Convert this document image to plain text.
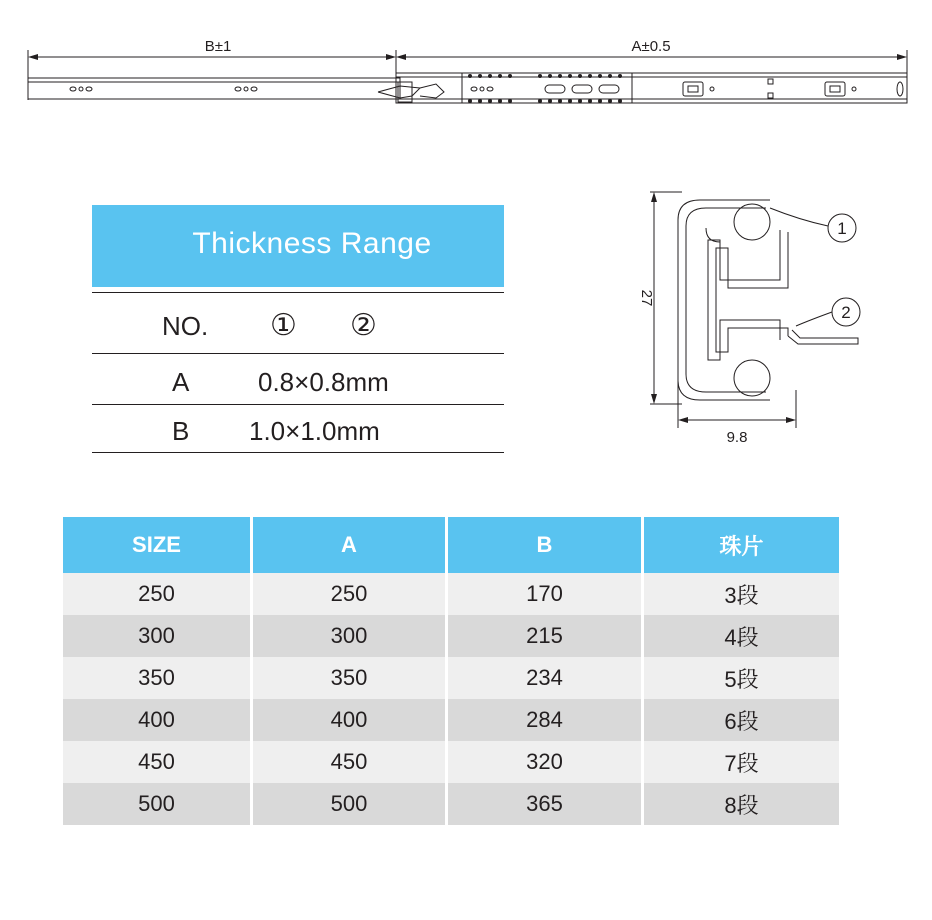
B±1	A±0.5
Thickness Range
NO. ① ②
A	0.8×0.8mm
B 1.0×1.0mm
1
2
27
9.8
SIZE	A	B	珠片
250	250	170	3段
300	300	215	4段
350	350	234	5段
400	400	284	6段
450	450	320	7段
500	500	365	8段
